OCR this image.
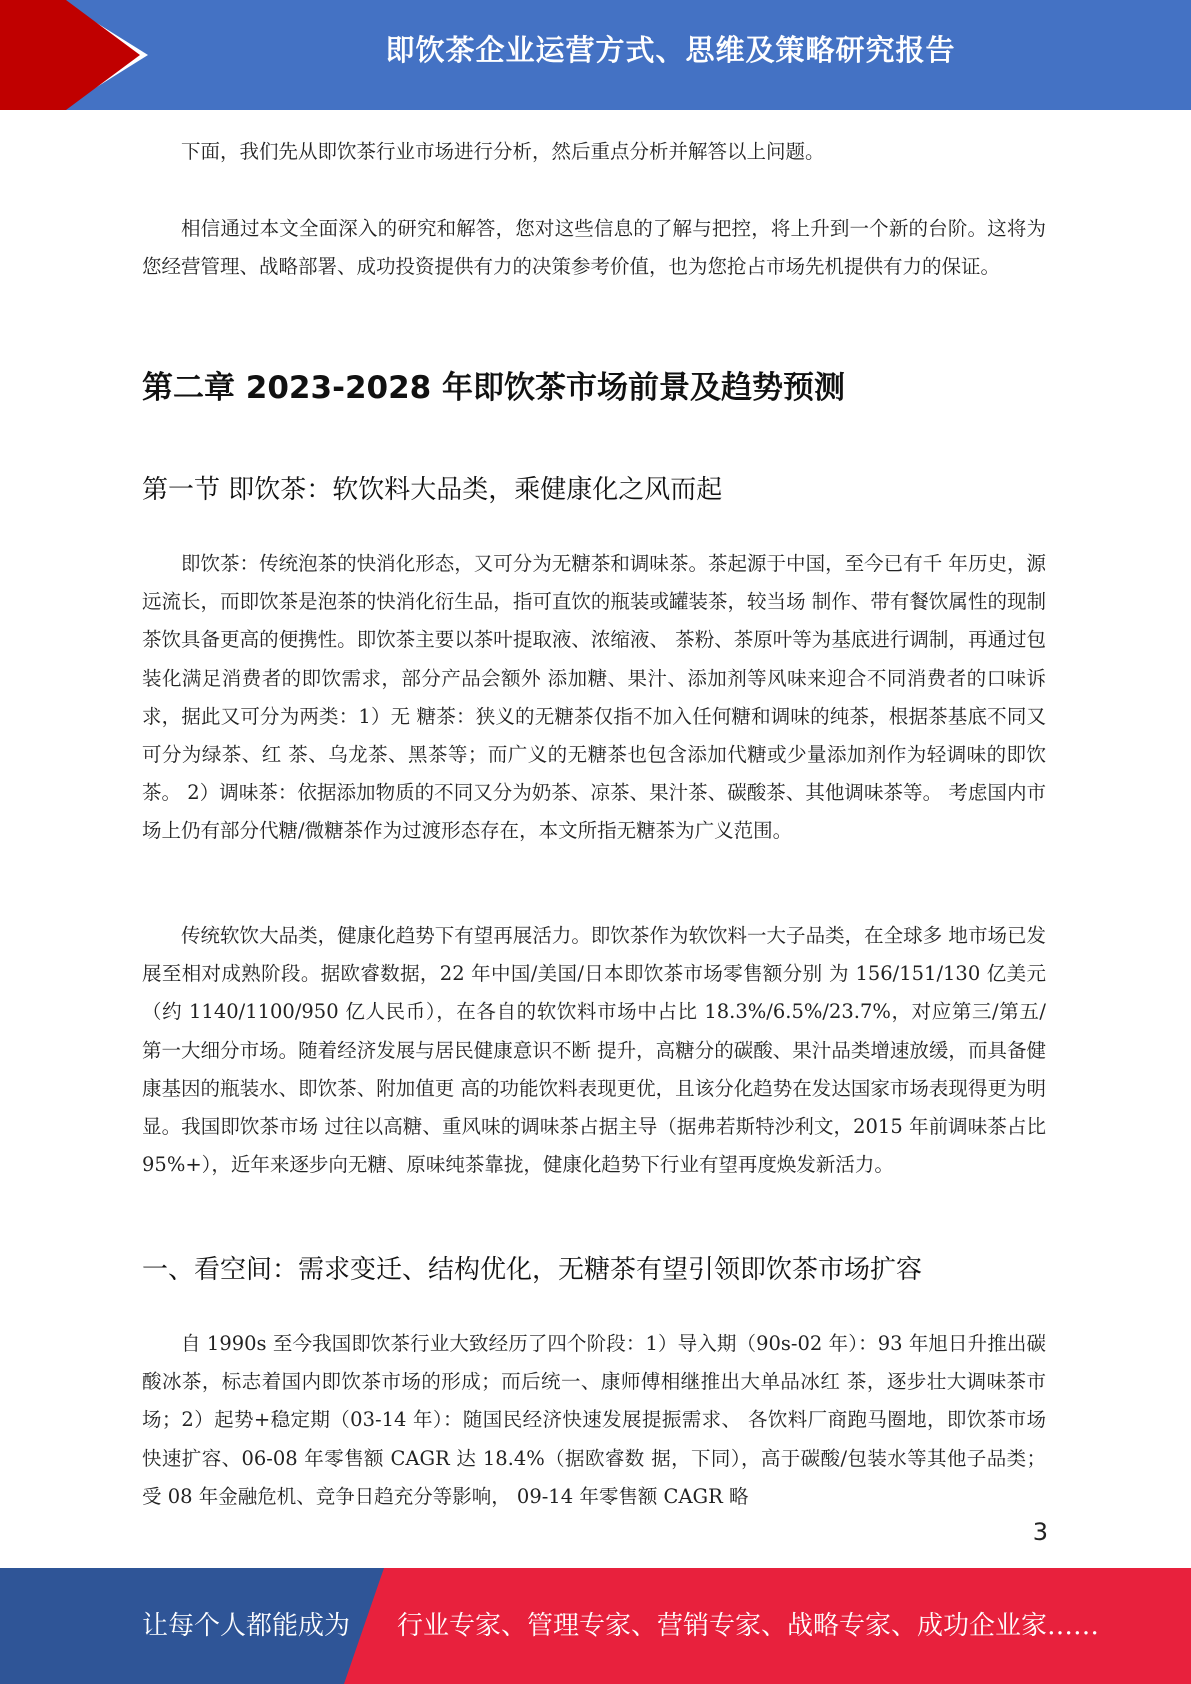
即饮茶企业运营方式、思维及策略研究报告

下面，我们先从即饮茶行业市场进行分析，然后重点分析并解答以上问题。

相信通过本文全面深入的研究和解答，您对这些信息的了解与把控，将上升到一个新的台阶。这将为您经营管理、战略部署、成功投资提供有力的决策参考价值，也为您抢占市场先机提供有力的保证。

第二章 2023-2028 年即饮茶市场前景及趋势预测
第一节 即饮茶：软饮料大品类，乘健康化之风而起

即饮茶：传统泡茶的快消化形态，又可分为无糖茶和调味茶。茶起源于中国，至今已有千 年历史，源远流长，而即饮茶是泡茶的快消化衍生品，指可直饮的瓶装或罐装茶，较当场 制作、带有餐饮属性的现制茶饮具备更高的便携性。即饮茶主要以茶叶提取液、浓缩液、 茶粉、茶原叶等为基底进行调制，再通过包装化满足消费者的即饮需求，部分产品会额外 添加糖、果汁、添加剂等风味来迎合不同消费者的口味诉求，据此又可分为两类：1）无 糖茶：狭义的无糖茶仅指不加入任何糖和调味的纯茶，根据茶基底不同又可分为绿茶、红 茶、乌龙茶、黑茶等；而广义的无糖茶也包含添加代糖或少量添加剂作为轻调味的即饮茶。 2）调味茶：依据添加物质的不同又分为奶茶、凉茶、果汁茶、碳酸茶、其他调味茶等。 考虑国内市场上仍有部分代糖/微糖茶作为过渡形态存在，本文所指无糖茶为广义范围。

传统软饮大品类，健康化趋势下有望再展活力。即饮茶作为软饮料一大子品类，在全球多 地市场已发展至相对成熟阶段。据欧睿数据，22 年中国/美国/日本即饮茶市场零售额分别 为 156/151/130 亿美元（约 1140/1100/950 亿人民币），在各自的软饮料市场中占比 18.3%/6.5%/23.7%，对应第三/第五/第一大细分市场。随着经济发展与居民健康意识不断 提升，高糖分的碳酸、果汁品类增速放缓，而具备健康基因的瓶装水、即饮茶、附加值更 高的功能饮料表现更优，且该分化趋势在发达国家市场表现得更为明显。我国即饮茶市场 过往以高糖、重风味的调味茶占据主导（据弗若斯特沙利文，2015 年前调味茶占比 95%+），近年来逐步向无糖、原味纯茶靠拢，健康化趋势下行业有望再度焕发新活力。

一、看空间：需求变迁、结构优化，无糖茶有望引领即饮茶市场扩容

自 1990s 至今我国即饮茶行业大致经历了四个阶段：1）导入期（90s-02 年）：93 年旭日升推出碳酸冰茶，标志着国内即饮茶市场的形成；而后统一、康师傅相继推出大单品冰红 茶，逐步壮大调味茶市场；2）起势+稳定期（03-14 年）：随国民经济快速发展提振需求、 各饮料厂商跑马圈地，即饮茶市场快速扩容、06-08 年零售额 CAGR 达 18.4%（据欧睿数 据，下同），高于碳酸/包装水等其他子品类；受 08 年金融危机、竞争日趋充分等影响， 09-14 年零售额 CAGR 略

3
让每个人都能成为 行业专家、管理专家、营销专家、战略专家、成功企业家……
